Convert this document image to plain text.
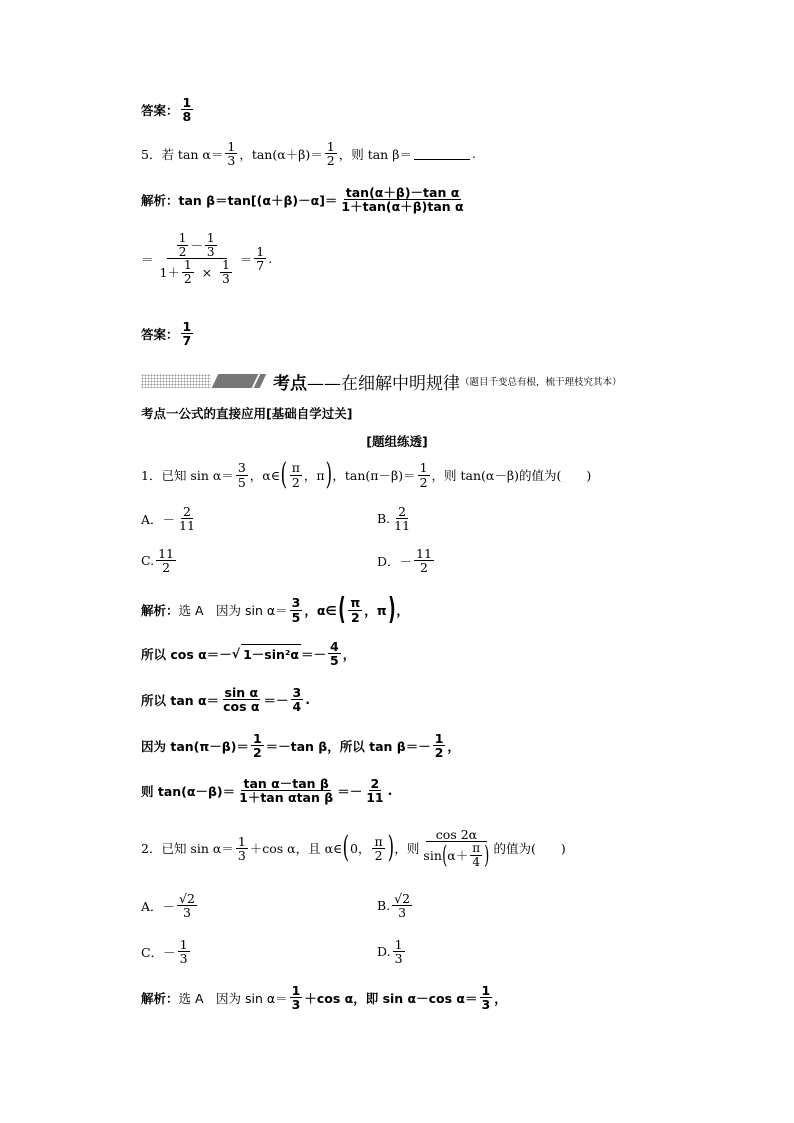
答案： $\frac{1}{8}$
5．若 $\tan \alpha= \frac{1}{3}$ ，$\tan(\alpha+\beta)= \frac{1}{2}$ ，则 tan β＝	.
解析： $\tan \beta=\tan[(\alpha+\beta)-\alpha]= \frac{\text{tan(α＋β)－tan α}}{\text{1＋tan(α＋β)tan α}}$
＝ $\frac{\frac{1}{2} - \frac{1}{3}}{1+ \frac{1}{2} \times \frac{1}{3}} = \frac{1}{7}$ .
答案： $\frac{1}{7}$
考点 ——在细解中明规律 （题目千变总有根，梳干理枝究其本）
考点一公式的直接应用[基础自学过关]
[题组练透]
1．已知 $\sin \alpha= \frac{3}{5}$ ， α∈ ( $\frac{\pi}{2}$ ，π ) ，$\tan(\pi-\beta)= \frac{1}{2}$ ，则 tan(α－β)的值为(　　)
A．－ $\frac{2}{11}$	B. $\frac{2}{11}$
C. $\frac{11}{2}$	D．－ $\frac{11}{2}$
解析： 选 A　因为 $\sin \alpha= \frac{3}{5}$ ，α∈ ( $\frac{\pi}{2}$ ，π ) ，
所以 cos α＝－ √ $1-\sin^2\alpha =- \frac{4}{5}$ ，
所以 $\tan \alpha= \frac{\text{sin α}}{\text{cos α}} =- \frac{3}{4}$ .
因为 $\tan(\pi-\beta)= \frac{1}{2} =-\tan$ β，所以 $\tan \beta=- \frac{1}{2}$ ，
则 $\tan(\alpha-\beta)= \frac{\text{tan α－tan β}}{\text{1＋tan αtan β}} =- \frac{2}{11}$ .
2．已知 $\sin \alpha= \frac{1}{3} +\cos$ α，且 α∈ ( 0， $\frac{\pi}{2}$ ) ，则 $\frac{\cos 2\alpha}{\sin ( \alpha+ \frac{\pi}{4} )}$ 的值为(　　)
A．－ $\frac{√2}{3}$	B. $\frac{√2}{3}$
C．－ $\frac{1}{3}$	D. $\frac{1}{3}$
解析： 选 A　因为 $\sin \alpha= \frac{1}{3} +\cos$ α，即 sin α－cos $\alpha= \frac{1}{3}$ ，
